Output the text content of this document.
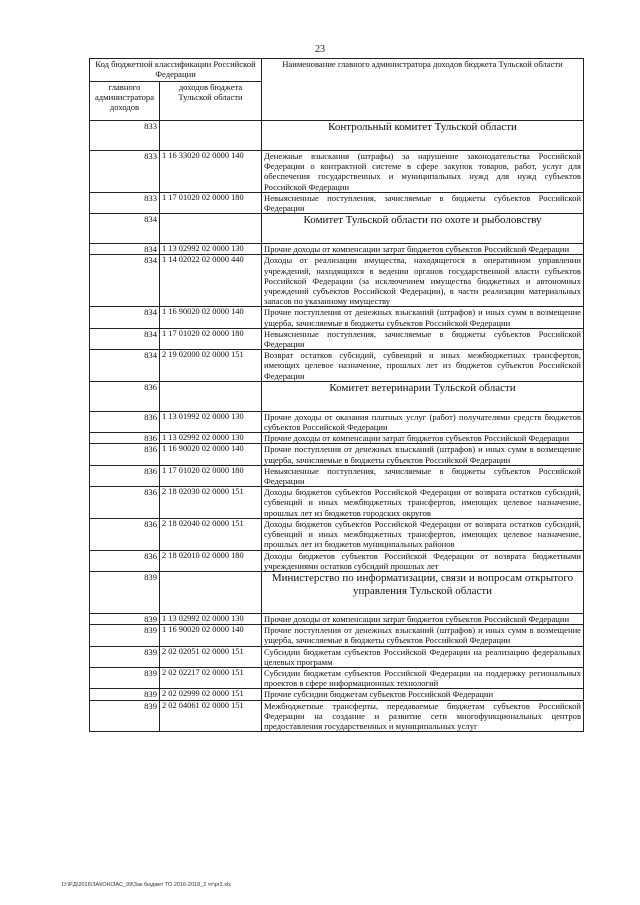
23
Код бюджетной классификации Российской Федерации		Наименование главного администратора доходов бюджета Тульской области
главного администратора доходов	доходов бюджета Тульской области	
833		Контрольный комитет Тульской области
833	1 16 33020 02 0000 140	Денежные взыскания (штрафы) за нарушение законодательства Российской Федерации о контрактной системе в сфере закупок товаров, работ, услуг для обеспечения государственных и муниципальных нужд для нужд субъектов Российской Федерации
833	1 17 01020 02 0000 180	Невыясненные поступления, зачисляемые в бюджеты субъектов Российской Федерации
834		Комитет Тульской области по охоте и рыболовству
834	1 13 02992 02 0000 130	Прочие доходы от компенсации затрат бюджетов субъектов Российской Федерации
834	1 14 02022 02 0000 440	Доходы от реализации имущества, находящегося в оперативном управлении учреждений, находящихся в ведении органов государственной власти субъектов Российской Федерации (за исключением имущества бюджетных и автономных учреждений субъектов Российской Федерации), в части реализации материальных запасов по указанному имуществу
834	1 16 90020 02 0000 140	Прочие поступления от денежных взысканий (штрафов) и иных сумм в возмещение ущерба, зачисляемые в бюджеты субъектов Российской Федерации
834	1 17 01020 02 0000 180	Невыясненные поступления, зачисляемые в бюджеты субъектов Российской Федерации
834	2 19 02000 02 0000 151	Возврат остатков субсидий, субвенций и иных межбюджетных трансфертов, имеющих целевое назначение, прошлых лет из бюджетов субъектов Российской Федерации
836		Комитет ветеринарии Тульской области
836	1 13 01992 02 0000 130	Прочие доходы от оказания платных услуг (работ) получателями средств бюджетов субъектов Российской Федерации
836	1 13 02992 02 0000 130	Прочие доходы от компенсации затрат бюджетов субъектов Российской Федерации
836	1 16 90020 02 0000 140	Прочие поступления от денежных взысканий (штрафов) и иных сумм в возмещение ущерба, зачисляемые в бюджеты субъектов Российской Федерации
836	1 17 01020 02 0000 180	Невыясненные поступления, зачисляемые в бюджеты субъектов Российской Федерации
836	2 18 02030 02 0000 151	Доходы бюджетов субъектов Российской Федерации от возврата остатков субсидий, субвенций и иных межбюджетных трансфертов, имеющих целевое назначение, прошлых лет из бюджетов городских округов
836	2 18 02040 02 0000 151	Доходы бюджетов субъектов Российской Федерации от возврата остатков субсидий, субвенций и иных межбюджетных трансфертов, имеющих целевое назначение, прошлых лет из бюджетов муниципальных районов
836	2 18 02010 02 0000 180	Доходы бюджетов субъектов Российской Федерации от возврата бюджетными учреждениями остатков субсидий прошлых лет
839		Министерство по информатизации, связи и вопросам открытого управления Тульской области
839	1 13 02992 02 0000 130	Прочие доходы от компенсации затрат бюджетов субъектов Российской Федерации
839	1 16 90020 02 0000 140	Прочие поступления от денежных взысканий (штрафов) и иных сумм в возмещение ущерба, зачисляемые в бюджеты субъектов Российской Федерации
839	2 02 02051 02 0000 151	Субсидии бюджетам субъектов Российской Федерации на реализацию федеральных целевых программ
839	2 02 02217 02 0000 151	Субсидии бюджетам субъектов Российской Федерации на поддержку региональных проектов в сфере информационных технологий
839	2 02 02999 02 0000 151	Прочие субсидии бюджетам субъектов Российской Федерации
839	2 02 04061 02 0000 151	Межбюджетные трансферты, передаваемые бюджетам субъектов Российской Федерации на создание и развитие сети многофункциональных центров предоставления государственных и муниципальных услуг
D:\Р.Д\2016\ЗАКОН\ЗАС_99\Зак бюджет ТО 2016-2018_2 чт\pr2.xls
